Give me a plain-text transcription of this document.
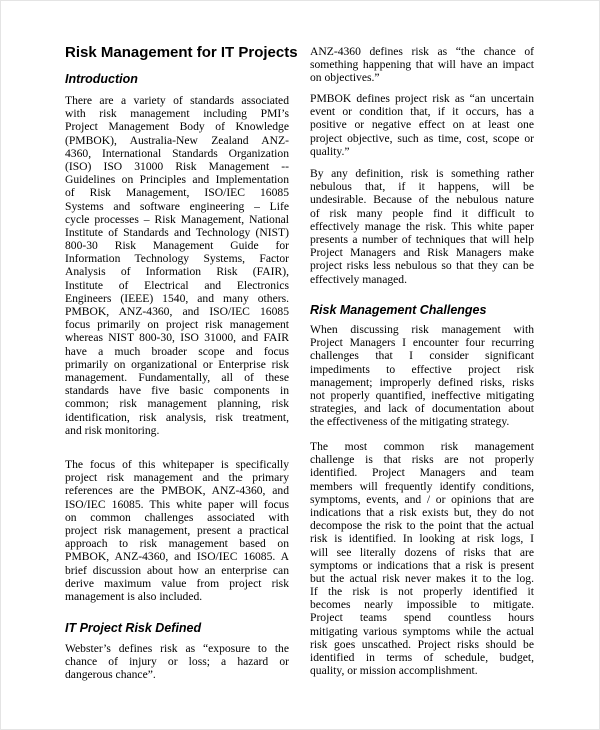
Risk Management for IT Projects
Introduction
There are a variety of standards associated
with risk management including PMI’s
Project Management Body of Knowledge
(PMBOK), Australia-New Zealand ANZ-
4360, International Standards Organization
(ISO) ISO 31000 Risk Management --
Guidelines on Principles and Implementation
of Risk Management, ISO/IEC 16085
Systems and software engineering – Life
cycle processes – Risk Management, National
Institute of Standards and Technology (NIST)
800-30 Risk Management Guide for
Information Technology Systems, Factor
Analysis of Information Risk (FAIR),
Institute of Electrical and Electronics
Engineers (IEEE) 1540, and many others.
PMBOK, ANZ-4360, and ISO/IEC 16085
focus primarily on project risk management
whereas NIST 800-30, ISO 31000, and FAIR
have a much broader scope and focus
primarily on organizational or Enterprise risk
management. Fundamentally, all of these
standards have five basic components in
common; risk management planning, risk
identification, risk analysis, risk treatment,
and risk monitoring.
The focus of this whitepaper is specifically
project risk management and the primary
references are the PMBOK, ANZ-4360, and
ISO/IEC 16085. This white paper will focus
on common challenges associated with
project risk management, present a practical
approach to risk management based on
PMBOK, ANZ-4360, and ISO/IEC 16085. A
brief discussion about how an enterprise can
derive maximum value from project risk
management is also included.
IT Project Risk Defined
Webster’s defines risk as “exposure to the
chance of injury or loss; a hazard or
dangerous chance”.
ANZ-4360 defines risk as “the chance of
something happening that will have an impact
on objectives.”
PMBOK defines project risk as “an uncertain
event or condition that, if it occurs, has a
positive or negative effect on at least one
project objective, such as time, cost, scope or
quality.”
By any definition, risk is something rather
nebulous that, if it happens, will be
undesirable. Because of the nebulous nature
of risk many people find it difficult to
effectively manage the risk. This white paper
presents a number of techniques that will help
Project Managers and Risk Managers make
project risks less nebulous so that they can be
effectively managed.
Risk Management Challenges
When discussing risk management with
Project Managers I encounter four recurring
challenges that I consider significant
impediments to effective project risk
management; improperly defined risks, risks
not properly quantified, ineffective mitigating
strategies, and lack of documentation about
the effectiveness of the mitigating strategy.
The most common risk management
challenge is that risks are not properly
identified. Project Managers and team
members will frequently identify conditions,
symptoms, events, and / or opinions that are
indications that a risk exists but, they do not
decompose the risk to the point that the actual
risk is identified. In looking at risk logs, I
will see literally dozens of risks that are
symptoms or indications that a risk is present
but the actual risk never makes it to the log.
If the risk is not properly identified it
becomes nearly impossible to mitigate.
Project teams spend countless hours
mitigating various symptoms while the actual
risk goes unscathed. Project risks should be
identified in terms of schedule, budget,
quality, or mission accomplishment.
